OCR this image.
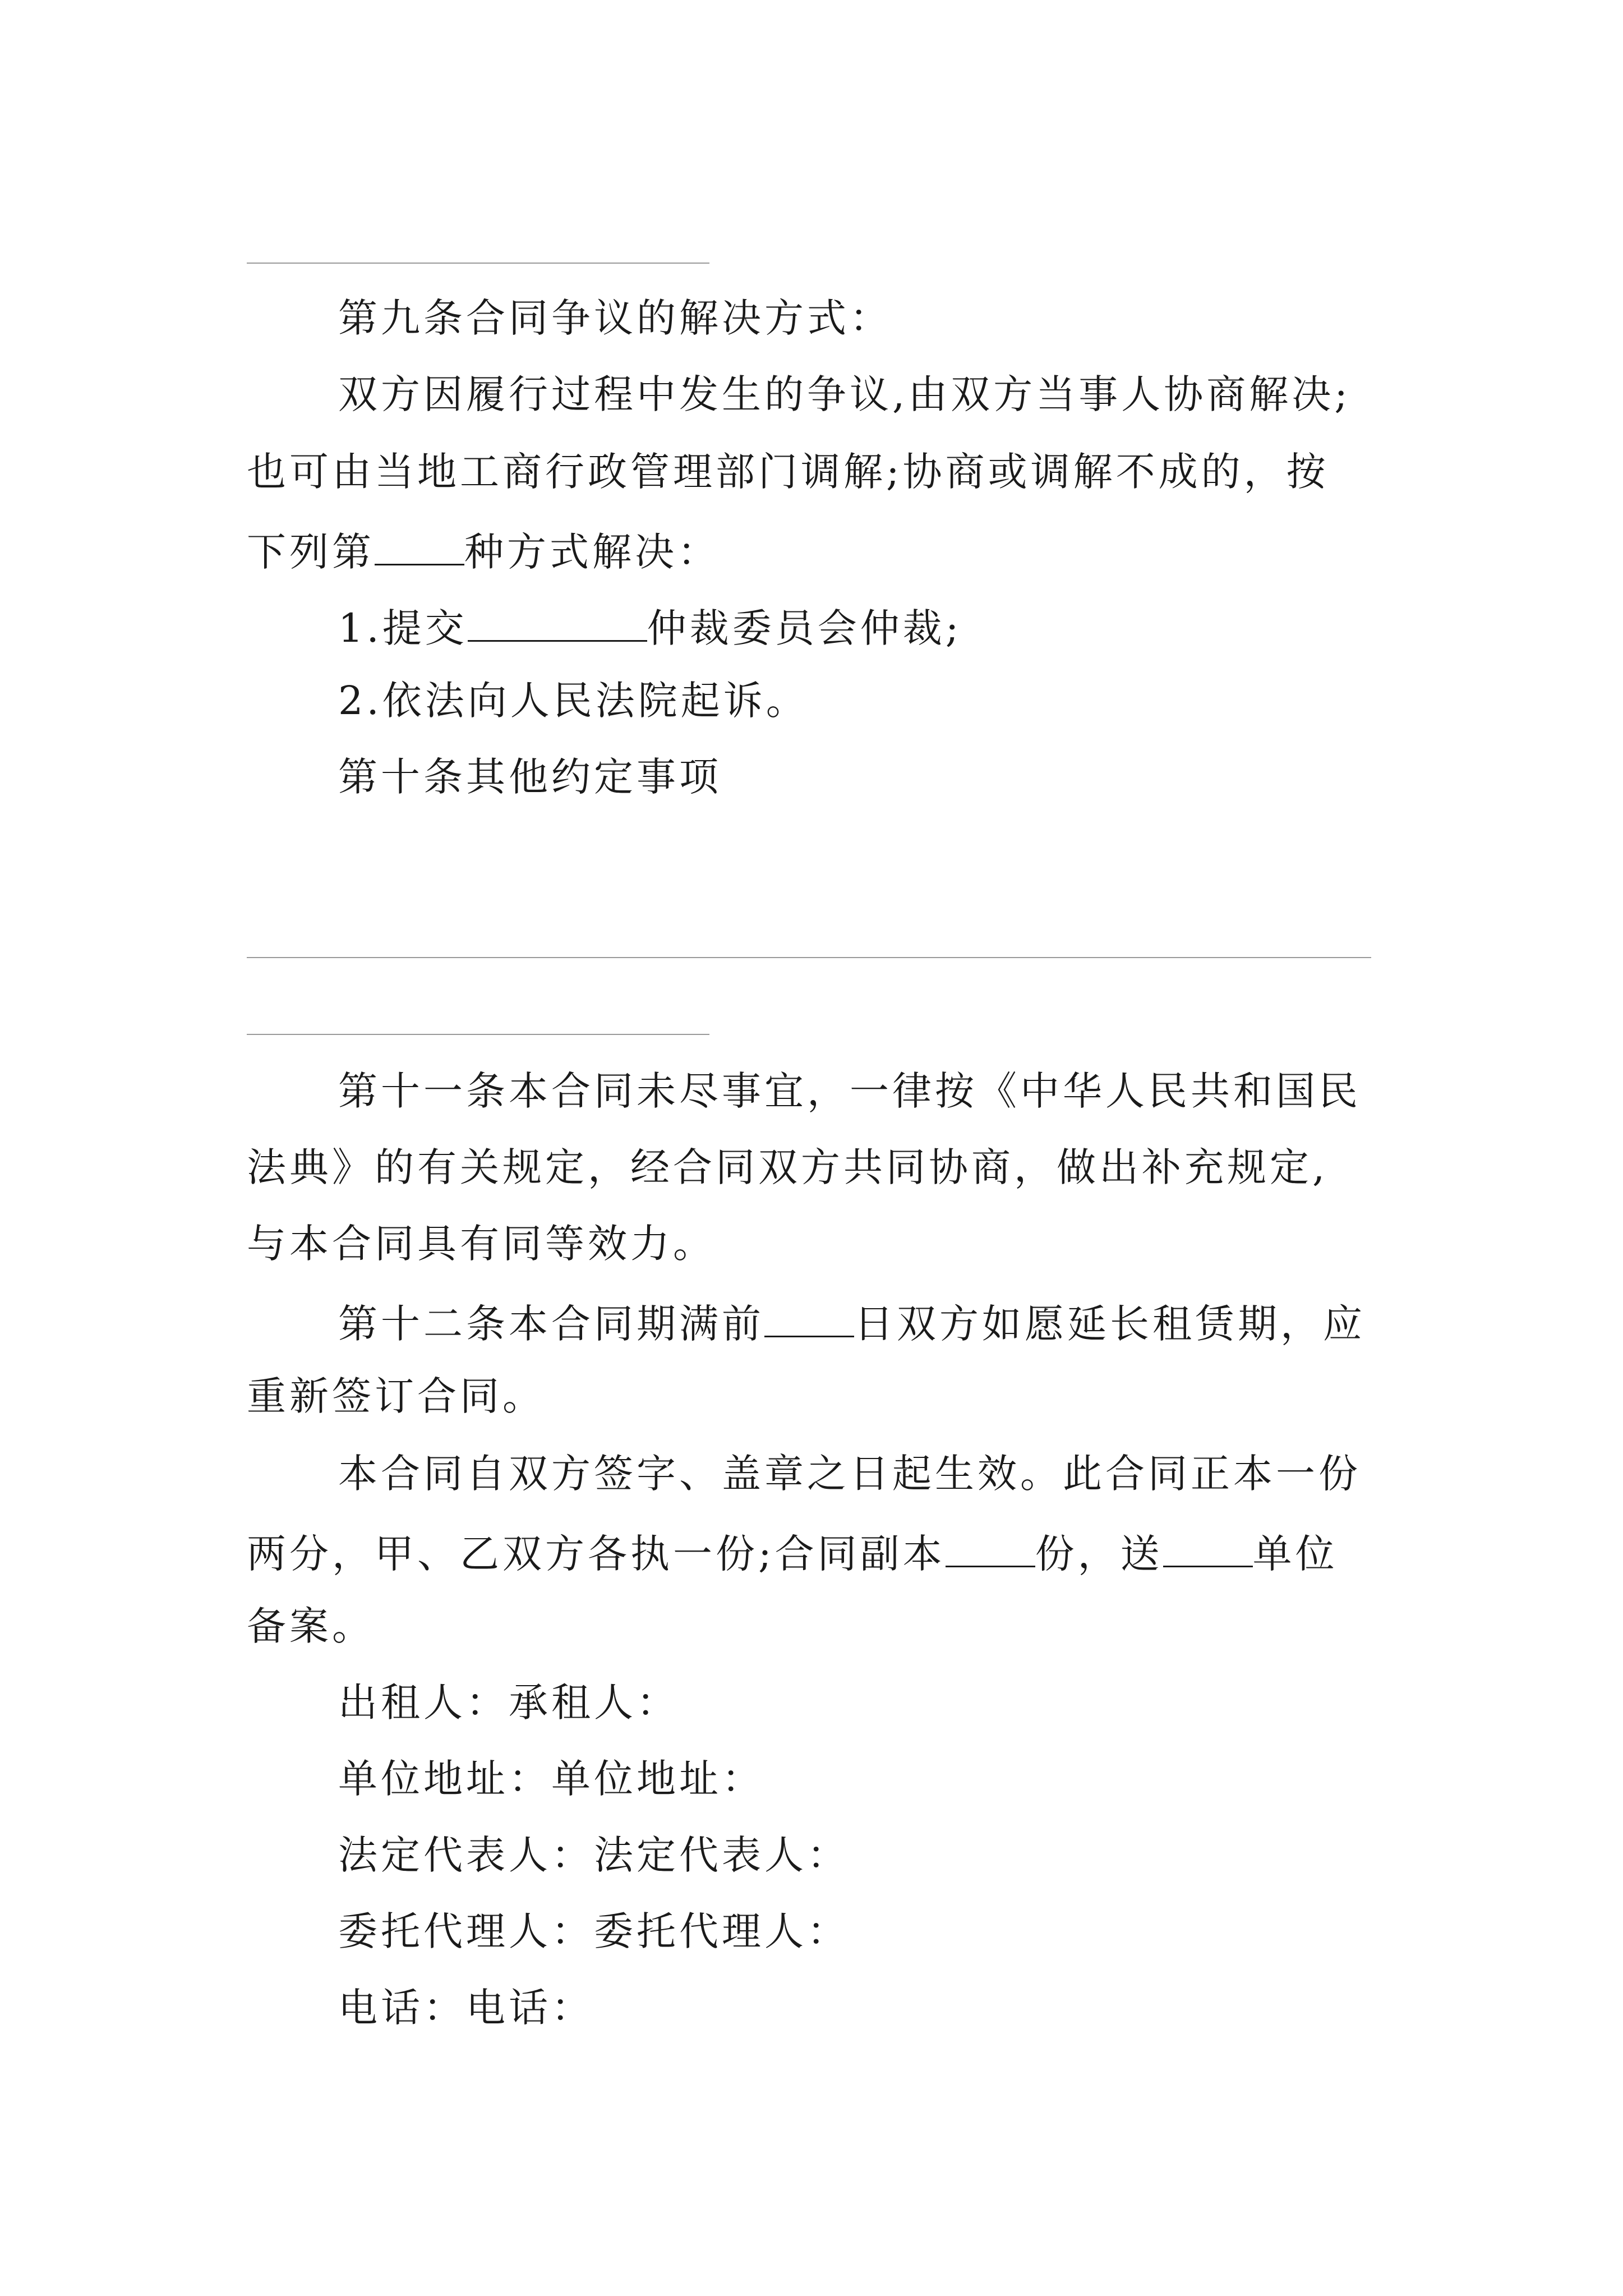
第九条合同争议的解决方式：
双方因履行过程中发生的争议,由双方当事人协商解决;
也可由当地工商行政管理部门调解;协商或调解不成的，按
下列第 种方式解决：
1.提交	仲裁委员会仲裁;
2.依法向人民法院起诉。
第十条其他约定事项
第十一条本合同未尽事宜，一律按《中华人民共和国民
法典》的有关规定，经合同双方共同协商，做出补充规定,
与本合同具有同等效力。
第十二条本合同期满前 日双方如愿延长租赁期，应
重新签订合同。
本合同自双方签字、盖章之日起生效。此合同正本一份
两分，甲、乙双方各执一份;合同副本 份，送 单位
备案。
出租人：承租人：
单位地址：单位地址：
法定代表人：法定代表人：
委托代理人：委托代理人：
电话：电话：
